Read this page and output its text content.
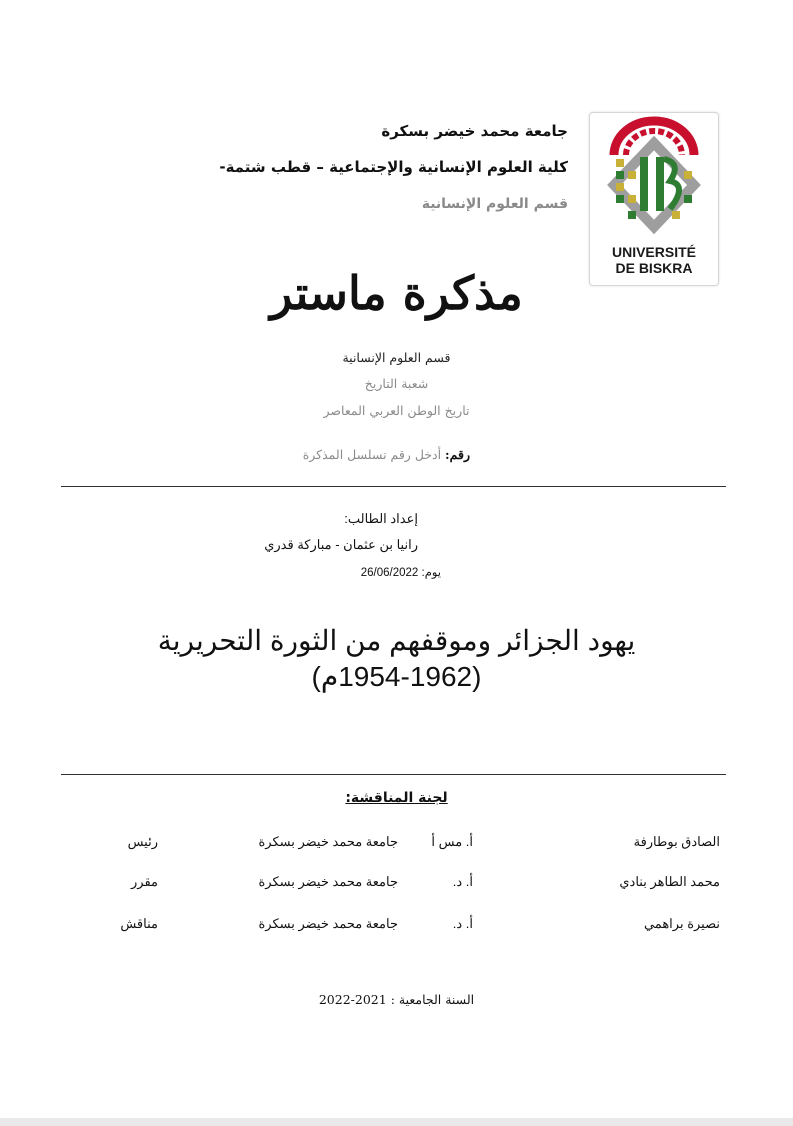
جامعة محمد خيضر بسكرة
كلية العلوم الإنسانية والإجتماعية – قطب شتمة-
قسم العلوم الإنسانية
UNIVERSITÉ
DE BISKRA
مذكرة ماستر
قسم العلوم الإنسانية
شعبة التاريخ
تاريخ الوطن العربي المعاصر
رقم: أدخل رقم تسلسل المذكرة
إعداد الطالب:
رانيا بن عثمان - مباركة قدري
يوم: 26/06/2022
يهود الجزائر وموقفهم من الثورة التحريرية
(1954-1962م)
لجنة المناقشة:
الصادق بوطارفة
أ. مس أ
جامعة محمد خيضر بسكرة
رئيس
محمد الطاهر بنادي
أ. د.
جامعة محمد خيضر بسكرة
مقرر
نصيرة براهمي
أ. د.
جامعة محمد خيضر بسكرة
مناقش
السنة الجامعية : 2021-2022
